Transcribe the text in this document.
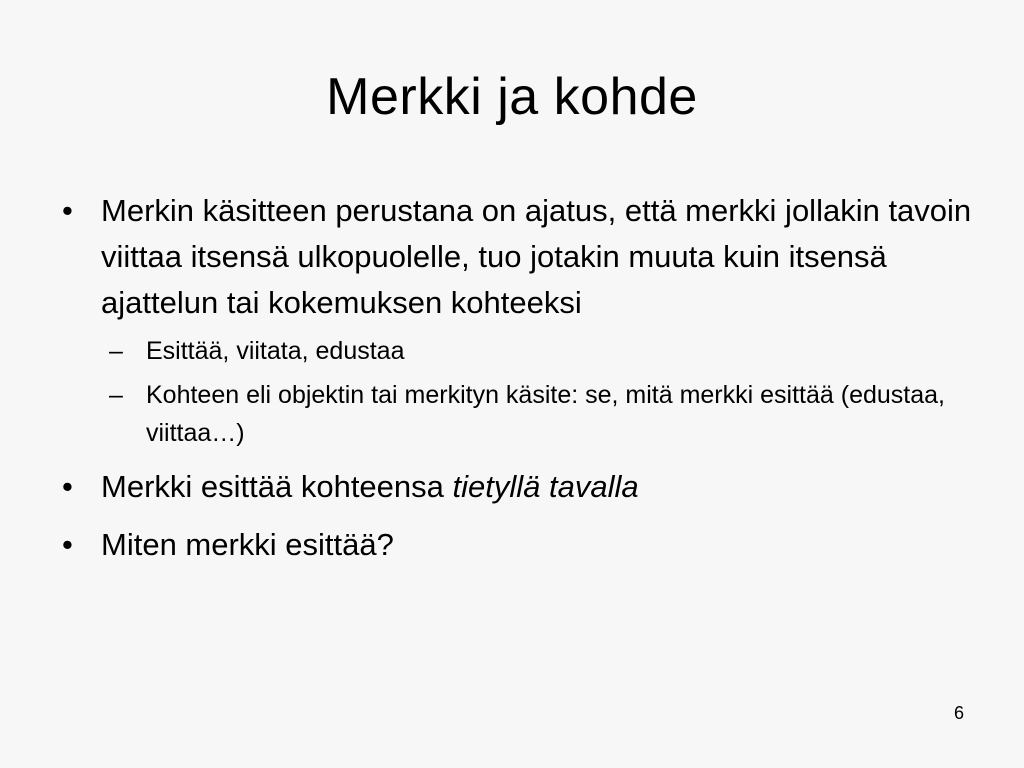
Merkki ja kohde
• Merkin käsitteen perustana on ajatus, että merkki jollakin tavoin viittaa itsensä ulkopuolelle, tuo jotakin muuta kuin itsensä ajattelun tai kokemuksen kohteeksi
– Esittää, viitata, edustaa
– Kohteen eli objektin tai merkityn käsite: se, mitä merkki esittää (edustaa, viittaa…)
• Merkki esittää kohteensa tietyllä tavalla
• Miten merkki esittää?
6
